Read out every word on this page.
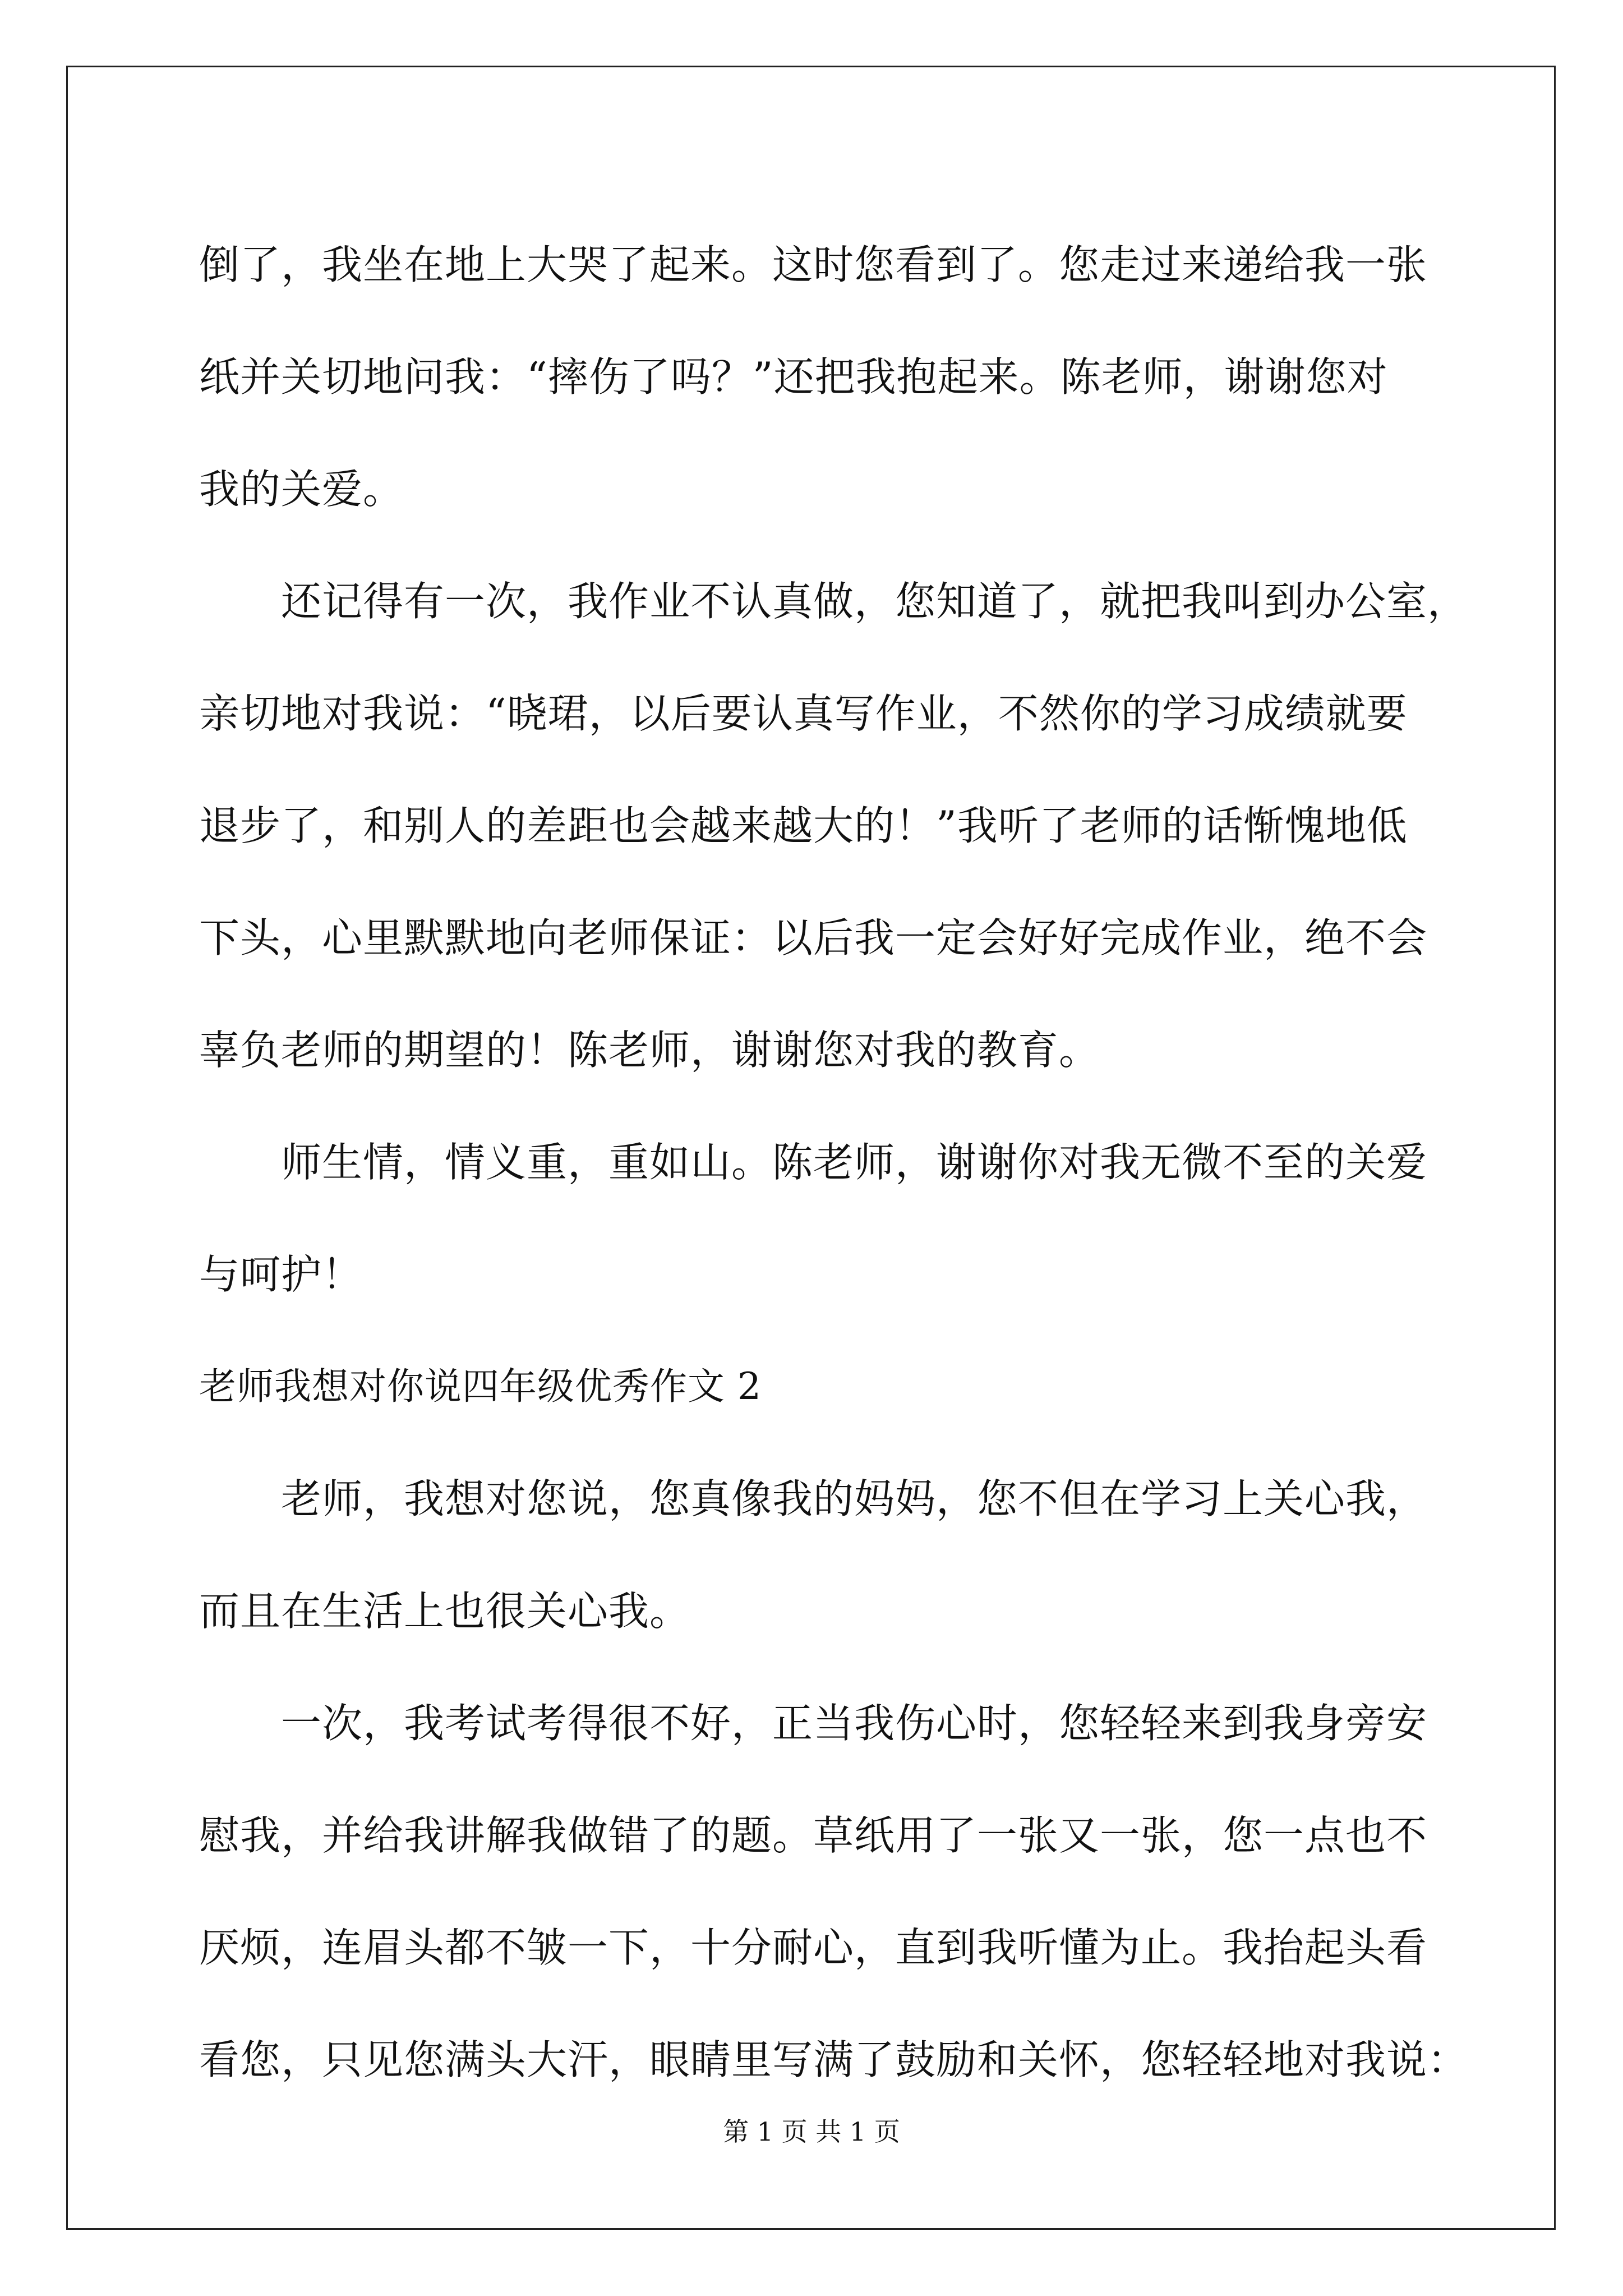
倒了，我坐在地上大哭了起来。这时您看到了。您走过来递给我一张
纸并关切地问我：“摔伤了吗？”还把我抱起来。陈老师，谢谢您对
我的关爱。
还记得有一次，我作业不认真做，您知道了，就把我叫到办公室，
亲切地对我说：“晓珺，以后要认真写作业，不然你的学习成绩就要
退步了，和别人的差距也会越来越大的！”我听了老师的话惭愧地低
下头，心里默默地向老师保证：以后我一定会好好完成作业，绝不会
辜负老师的期望的！陈老师，谢谢您对我的教育。
师生情，情义重，重如山。陈老师，谢谢你对我无微不至的关爱
与呵护！
老师我想对你说四年级优秀作文 2
老师，我想对您说，您真像我的妈妈，您不但在学习上关心我，
而且在生活上也很关心我。
一次，我考试考得很不好，正当我伤心时，您轻轻来到我身旁安
慰我，并给我讲解我做错了的题。草纸用了一张又一张，您一点也不
厌烦，连眉头都不皱一下，十分耐心，直到我听懂为止。我抬起头看
看您，只见您满头大汗，眼睛里写满了鼓励和关怀，您轻轻地对我说：
第 1 页 共 1 页
